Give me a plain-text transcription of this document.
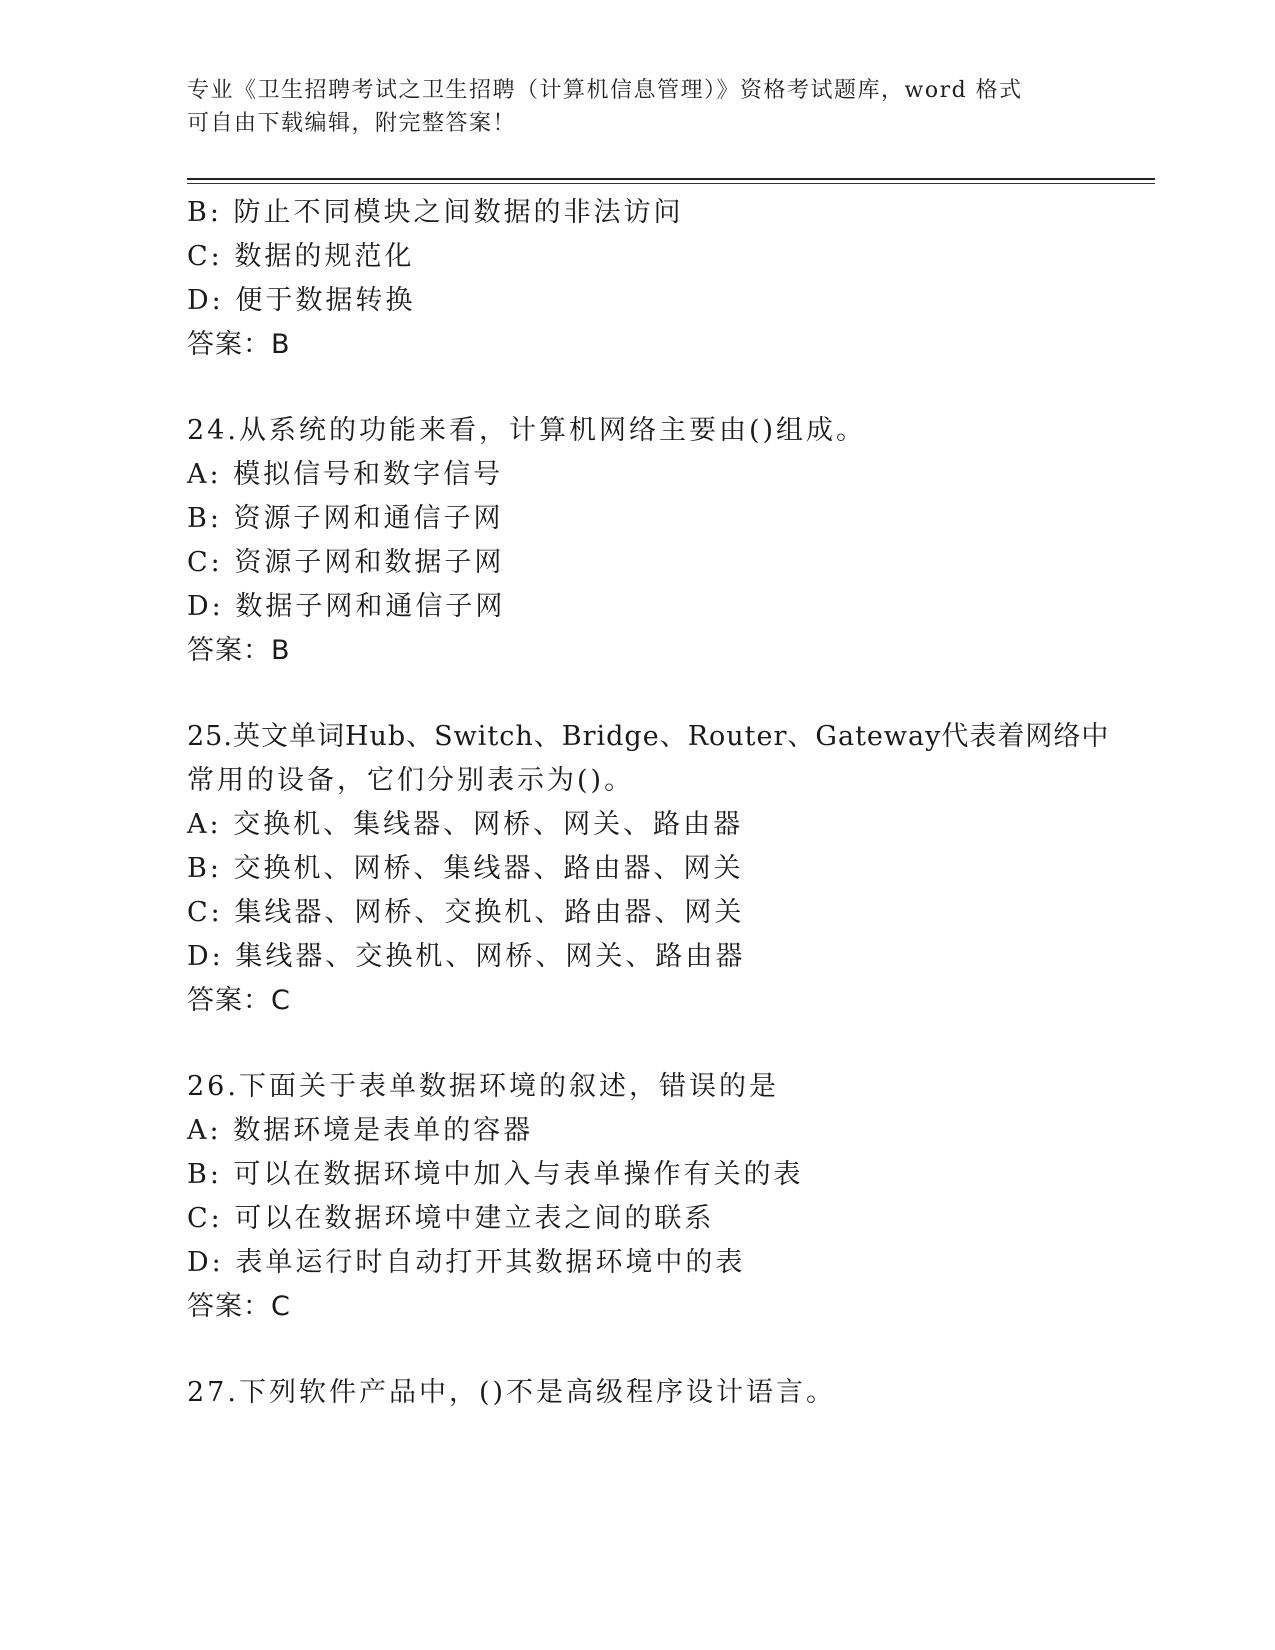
专业《卫生招聘考试之卫生招聘（计算机信息管理）》资格考试题库，word 格式
可自由下载编辑，附完整答案！
B: 防止不同模块之间数据的非法访问
C: 数据的规范化
D: 便于数据转换
答案：B
24.从系统的功能来看，计算机网络主要由()组成。
A: 模拟信号和数字信号
B: 资源子网和通信子网
C: 资源子网和数据子网
D: 数据子网和通信子网
答案：B
25.英文单词Hub、Switch、Bridge、Router、Gateway代表着网络中
常用的设备，它们分别表示为()。
A: 交换机、集线器、网桥、网关、路由器
B: 交换机、网桥、集线器、路由器、网关
C: 集线器、网桥、交换机、路由器、网关
D: 集线器、交换机、网桥、网关、路由器
答案：C
26.下面关于表单数据环境的叙述，错误的是
A: 数据环境是表单的容器
B: 可以在数据环境中加入与表单操作有关的表
C: 可以在数据环境中建立表之间的联系
D: 表单运行时自动打开其数据环境中的表
答案：C
27.下列软件产品中，()不是高级程序设计语言。
